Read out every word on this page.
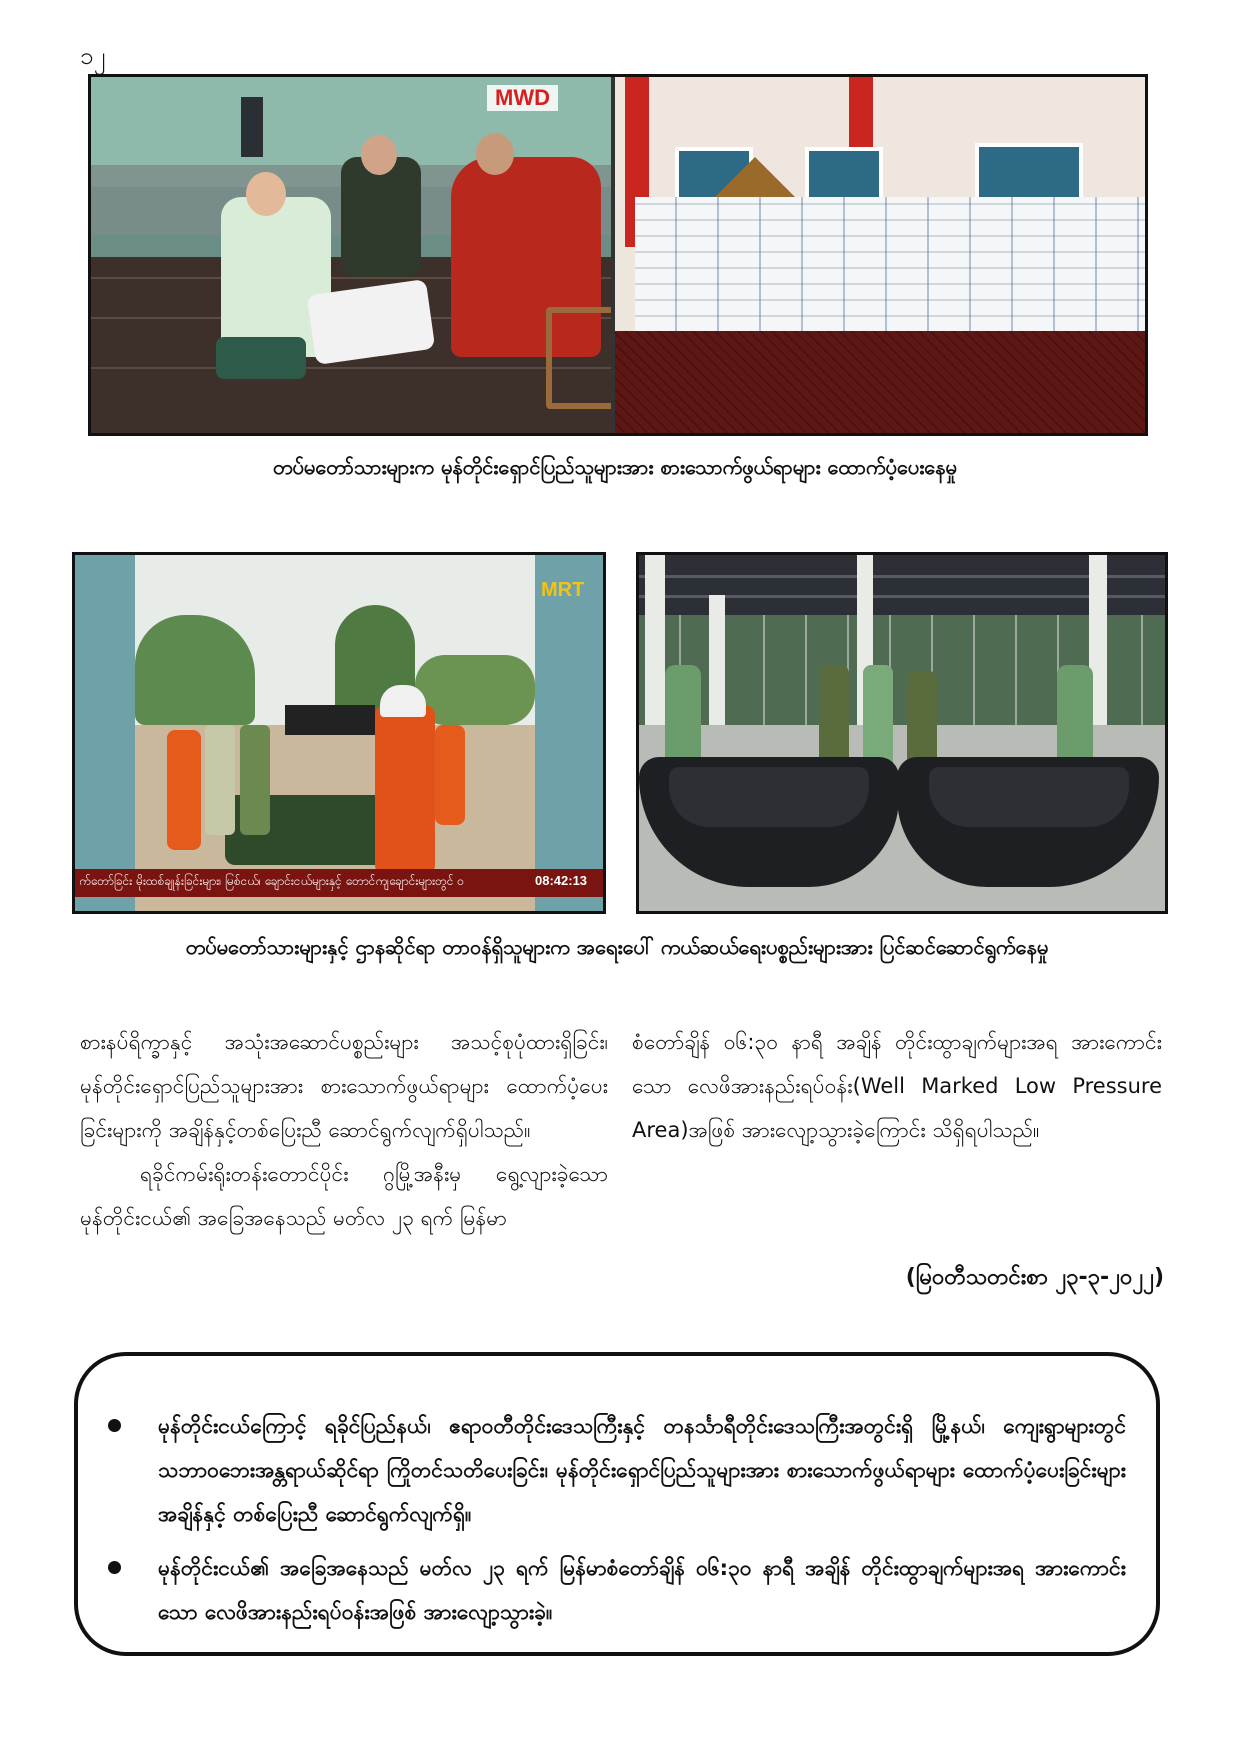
၁၂
MWD
တပ်မတော်သားများက မုန်တိုင်းရှောင်ပြည်သူများအား စားသောက်ဖွယ်ရာများ ထောက်ပံ့ပေးနေမှု
MRT
က်တော်ခြင်း မိုးထစ်ချုန်းခြင်းများ၊ မြစ်ငယ်၊ ချောင်းငယ်များနှင့် တောင်ကျချောင်းများတွင် ဝ	08:42:13
တပ်မတော်သားများနှင့် ဌာနဆိုင်ရာ တာဝန်ရှိသူများက အရေးပေါ် ကယ်ဆယ်ရေးပစ္စည်းများအား ပြင်ဆင်ဆောင်ရွက်နေမှု

စားနပ်ရိက္ခာနှင့် အသုံးအဆောင်ပစ္စည်းများ အသင့်စုပုံထားရှိခြင်း၊ မုန်တိုင်းရှောင်ပြည်သူများအား စားသောက်ဖွယ်ရာများ ထောက်ပံ့ပေးခြင်းများကို အချိန်နှင့်တစ်ပြေးညီ ဆောင်ရွက်လျက်ရှိပါသည်။

ရခိုင်ကမ်းရိုးတန်းတောင်ပိုင်း ဂွမြို့အနီးမှ ရွေ့လျားခဲ့သော မုန်တိုင်းငယ်၏ အခြေအနေသည် မတ်လ ၂၃ ရက် မြန်မာ

စံတော်ချိန် ဝ၆:၃ဝ နာရီ အချိန် တိုင်းထွာချက်များအရ အားကောင်းသော လေဖိအားနည်းရပ်ဝန်း(Well Marked Low Pressure Area)အဖြစ် အားလျော့သွားခဲ့ကြောင်း သိရှိရပါသည်။

(မြဝတီသတင်းစာ ၂၃-၃-၂ဝ၂၂)
မုန်တိုင်းငယ်ကြောင့် ရခိုင်ပြည်နယ်၊ ဧရာဝတီတိုင်းဒေသကြီးနှင့် တနင်္သာရီတိုင်းဒေသကြီးအတွင်းရှိ မြို့နယ်၊ ကျေးရွာများတွင် သဘာဝဘေးအန္တရာယ်ဆိုင်ရာ ကြိုတင်သတိပေးခြင်း၊ မုန်တိုင်းရှောင်ပြည်သူများအား စားသောက်ဖွယ်ရာများ ထောက်ပံ့ပေးခြင်းများ အချိန်နှင့် တစ်ပြေးညီ ဆောင်ရွက်လျက်ရှိ။
မုန်တိုင်းငယ်၏ အခြေအနေသည် မတ်လ ၂၃ ရက် မြန်မာစံတော်ချိန် ဝ၆:၃ဝ နာရီ အချိန် တိုင်းထွာချက်များအရ အားကောင်းသော လေဖိအားနည်းရပ်ဝန်းအဖြစ် အားလျော့သွားခဲ့။
